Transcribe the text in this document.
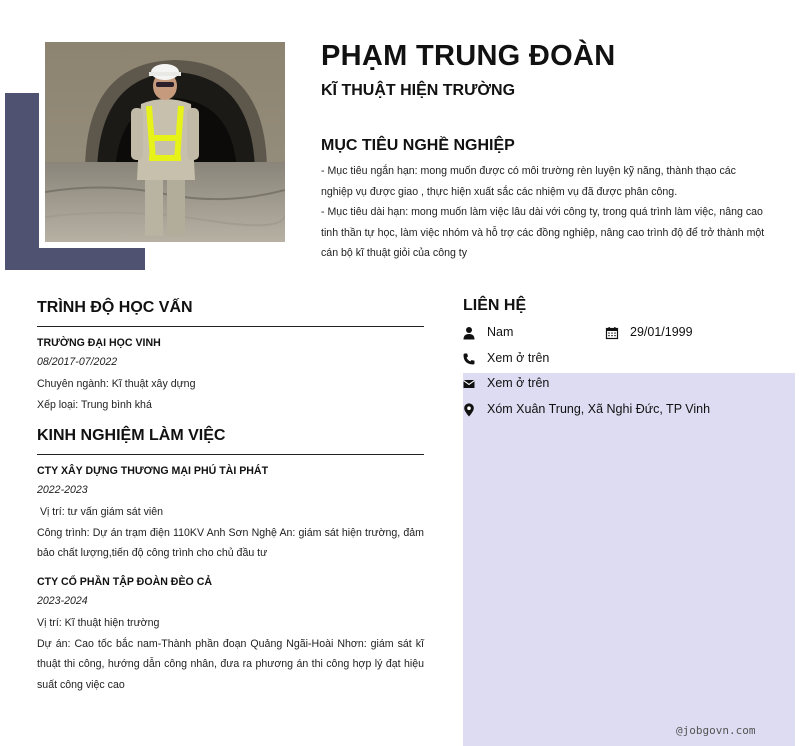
PHẠM TRUNG ĐOÀN
KĨ THUẬT HIỆN TRƯỜNG
MỤC TIÊU NGHỀ NGHIỆP

- Mục tiêu ngắn hạn: mong muốn được có môi trường rèn luyện kỹ năng, thành thạo các nghiệp vụ được giao , thực hiện xuất sắc các nhiệm vụ đã được phân công.

- Mục tiêu dài hạn: mong muốn làm việc lâu dài với công ty, trong quá trình làm việc, nâng cao tinh thần tự học, làm việc nhóm và hỗ trợ các đồng nghiệp, nâng cao trình độ để trở thành một cán bộ kĩ thuật giỏi của công ty

TRÌNH ĐỘ HỌC VẤN
TRƯỜNG ĐẠI HỌC VINH
08/2017-07/2022
Chuyên ngành: Kĩ thuật xây dựng
Xếp loại: Trung bình khá
KINH NGHIỆM LÀM VIỆC
CTY XÂY DỰNG THƯƠNG MẠI PHÚ TÀI PHÁT
2022-2023
Vị trí: tư vấn giám sát viên
Công trình: Dự án trạm điện 110KV Anh Sơn Nghệ An: giám sát hiện trường, đảm bảo chất lượng,tiến độ công trình cho chủ đầu tư
CTY CỔ PHẦN TẬP ĐOÀN ĐÈO CẢ
2023-2024
Vị trí: Kĩ thuật hiện trường
Dự án: Cao tốc bắc nam-Thành phần đoạn Quảng Ngãi-Hoài Nhơn: giám sát kĩ thuật thi công, hướng dẫn công nhân, đưa ra phương án thi công hợp lý đạt hiệu suất công việc cao
LIÊN HỆ
Nam	29/01/1999
Xem ở trên
Xem ở trên
Xóm Xuân Trung, Xã Nghi Đức, TP Vinh
@jobgovn.com
